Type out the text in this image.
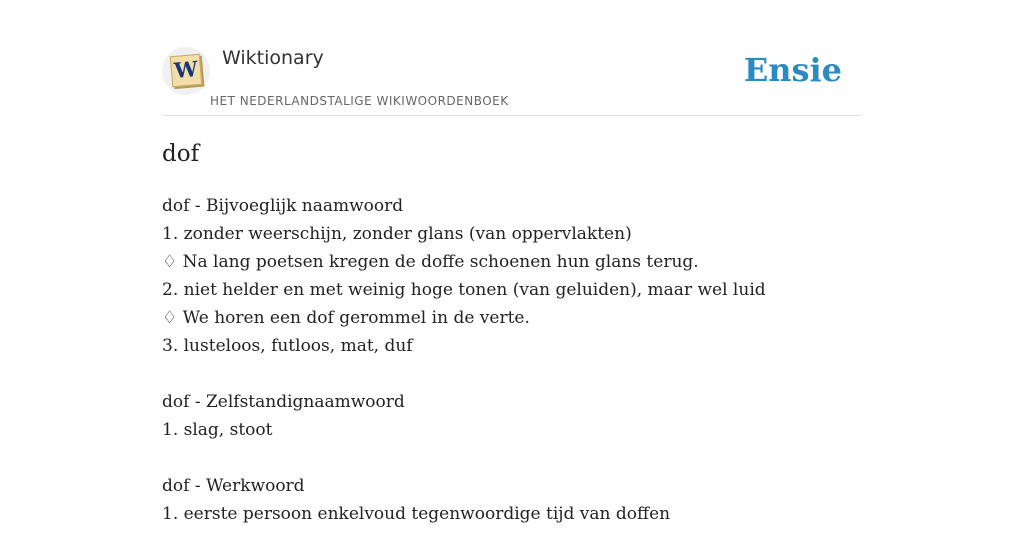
W Wiktionary
HET NEDERLANDSTALIGE WIKIWOORDENBOEK
Ensie
dof
dof - Bijvoeglijk naamwoord
1. zonder weerschijn, zonder glans (van oppervlakten)
♢ Na lang poetsen kregen de doffe schoenen hun glans terug.
2. niet helder en met weinig hoge tonen (van geluiden), maar wel luid
♢ We horen een dof gerommel in de verte.
3. lusteloos, futloos, mat, duf
dof - Zelfstandignaamwoord
1. slag, stoot
dof - Werkwoord
1. eerste persoon enkelvoud tegenwoordige tijd van doffen
